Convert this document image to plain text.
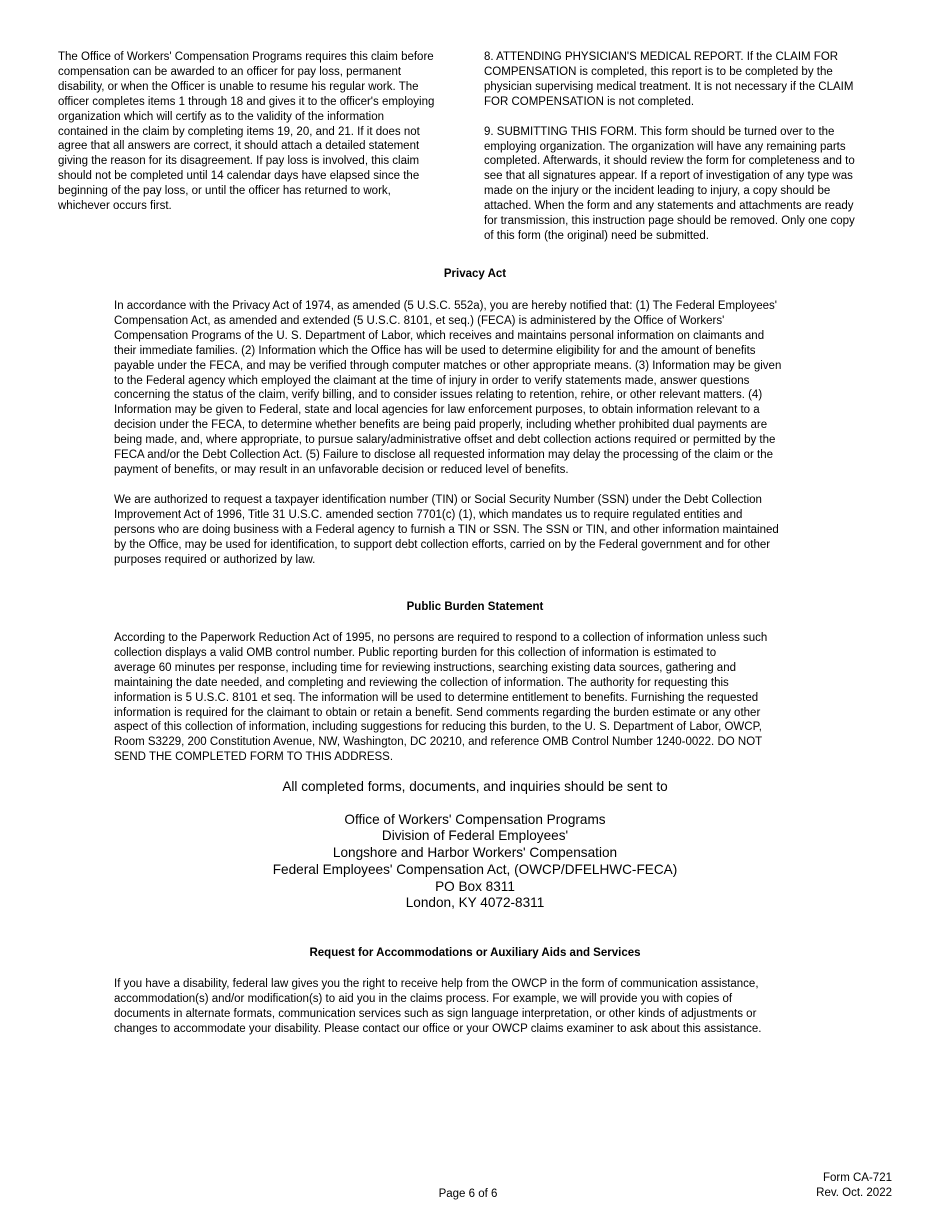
The Office of Workers' Compensation Programs requires this claim before
compensation can be awarded to an officer for pay loss, permanent
disability, or when the Officer is unable to resume his regular work. The
officer completes items 1 through 18 and gives it to the officer's employing
organization which will certify as to the validity of the information
contained in the claim by completing items 19, 20, and 21. If it does not
agree that all answers are correct, it should attach a detailed statement
giving the reason for its disagreement. If pay loss is involved, this claim
should not be completed until 14 calendar days have elapsed since the
beginning of the pay loss, or until the officer has returned to work,
whichever occurs first.

8. ATTENDING PHYSICIAN'S MEDICAL REPORT. If the CLAIM FOR
COMPENSATION is completed, this report is to be completed by the
physician supervising medical treatment. It is not necessary if the CLAIM
FOR COMPENSATION is not completed.

9. SUBMITTING THIS FORM. This form should be turned over to the
employing organization. The organization will have any remaining parts
completed. Afterwards, it should review the form for completeness and to
see that all signatures appear. If a report of investigation of any type was
made on the injury or the incident leading to injury, a copy should be
attached. When the form and any statements and attachments are ready
for transmission, this instruction page should be removed. Only one copy
of this form (the original) need be submitted.

Privacy Act

In accordance with the Privacy Act of 1974, as amended (5 U.S.C. 552a), you are hereby notified that: (1) The Federal Employees'
Compensation Act, as amended and extended (5 U.S.C. 8101, et seq.) (FECA) is administered by the Office of Workers'
Compensation Programs of the U. S. Department of Labor, which receives and maintains personal information on claimants and
their immediate families. (2) Information which the Office has will be used to determine eligibility for and the amount of benefits
payable under the FECA, and may be verified through computer matches or other appropriate means. (3) Information may be given
to the Federal agency which employed the claimant at the time of injury in order to verify statements made, answer questions
concerning the status of the claim, verify billing, and to consider issues relating to retention, rehire, or other relevant matters. (4)
Information may be given to Federal, state and local agencies for law enforcement purposes, to obtain information relevant to a
decision under the FECA, to determine whether benefits are being paid properly, including whether prohibited dual payments are
being made, and, where appropriate, to pursue salary/administrative offset and debt collection actions required or permitted by the
FECA and/or the Debt Collection Act. (5) Failure to disclose all requested information may delay the processing of the claim or the
payment of benefits, or may result in an unfavorable decision or reduced level of benefits.

We are authorized to request a taxpayer identification number (TIN) or Social Security Number (SSN) under the Debt Collection
Improvement Act of 1996, Title 31 U.S.C. amended section 7701(c) (1), which mandates us to require regulated entities and
persons who are doing business with a Federal agency to furnish a TIN or SSN. The SSN or TIN, and other information maintained
by the Office, may be used for identification, to support debt collection efforts, carried on by the Federal government and for other
purposes required or authorized by law.

Public Burden Statement

According to the Paperwork Reduction Act of 1995, no persons are required to respond to a collection of information unless such
collection displays a valid OMB control number. Public reporting burden for this collection of information is estimated to
average 60 minutes per response, including time for reviewing instructions, searching existing data sources, gathering and
maintaining the date needed, and completing and reviewing the collection of information. The authority for requesting this
information is 5 U.S.C. 8101 et seq. The information will be used to determine entitlement to benefits. Furnishing the requested
information is required for the claimant to obtain or retain a benefit. Send comments regarding the burden estimate or any other
aspect of this collection of information, including suggestions for reducing this burden, to the U. S. Department of Labor, OWCP,
Room S3229, 200 Constitution Avenue, NW, Washington, DC 20210, and reference OMB Control Number 1240-0022. DO NOT
SEND THE COMPLETED FORM TO THIS ADDRESS.

All completed forms, documents, and inquiries should be sent to

Office of Workers' Compensation Programs
Division of Federal Employees'
Longshore and Harbor Workers' Compensation
Federal Employees' Compensation Act, (OWCP/DFELHWC-FECA)
PO Box 8311
London, KY 4072-8311

Request for Accommodations or Auxiliary Aids and Services

If you have a disability, federal law gives you the right to receive help from the OWCP in the form of communication assistance,
accommodation(s) and/or modification(s) to aid you in the claims process. For example, we will provide you with copies of
documents in alternate formats, communication services such as sign language interpretation, or other kinds of adjustments or
changes to accommodate your disability. Please contact our office or your OWCP claims examiner to ask about this assistance.

Page 6 of 6

Form CA-721
Rev. Oct. 2022
